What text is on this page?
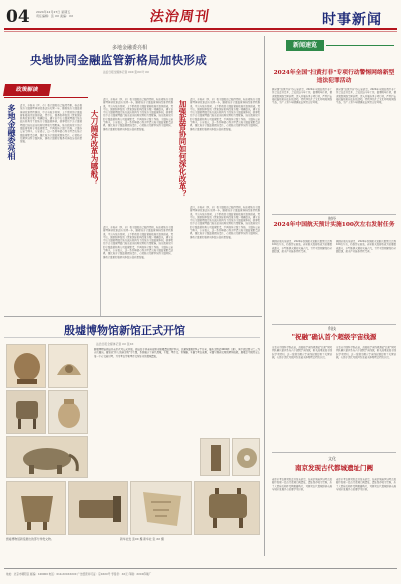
04 2024年12月27日 星期五
责任编辑：张 XX 美编：XX	法治周刊	时事新闻
多地金融委亮相
央地协同金融监管新格局加快形成
法治日报全媒体记者 XXX 张XX 叶 XX
政策解读
多地金融委亮相 近日，多地省（区、市）委金融委员会陆续亮相，标志着地方金融管理体制改革迈出关键一步。随着地方金融监管体制改革持续推进，中央与地方协同、上下联动的金融监管新格局正加快形成。党中央、国务院印发的《党和国家机构改革方案》明确提出，建立以中央金融管理部门地方派出机构为主的地方金融监管体制，统筹优化中央金融管理部门地方派出机构设置和力量配备。地方政府设立的金融监管机构专司监管职责，不再加挂金融工作局、金融办公室等牌子。专家表示，这一系列举措有利于厘清央地金融监管职责边界，强化地方金融监管属地责任，有效防范化解区域性金融风险，推动金融更好服务实体经济高质量发展。	大刀阔斧改革为哪般？
近日，多地省（区、市）委金融委员会陆续亮相，标志着地方金融管理体制改革迈出关键一步。随着地方金融监管体制改革持续推进，中央与地方协同、上下联动的金融监管新格局正加快形成。党中央、国务院印发的《党和国家机构改革方案》明确提出，建立以中央金融管理部门地方派出机构为主的地方金融监管体制，统筹优化中央金融管理部门地方派出机构设置和力量配备。地方政府设立的金融监管机构专司监管职责，不再加挂金融工作局、金融办公室等牌子。专家表示，这一系列举措有利于厘清央地金融监管职责边界，强化地方金融监管属地责任，有效防范化解区域性金融风险，推动金融更好服务实体经济高质量发展。
近日，多地省（区、市）委金融委员会陆续亮相，标志着地方金融管理体制改革迈出关键一步。随着地方金融监管体制改革持续推进，中央与地方协同、上下联动的金融监管新格局正加快形成。党中央、国务院印发的《党和国家机构改革方案》明确提出，建立以中央金融管理部门地方派出机构为主的地方金融监管体制，统筹优化中央金融管理部门地方派出机构设置和力量配备。地方政府设立的金融监管机构专司监管职责，不再加挂金融工作局、金融办公室等牌子。专家表示，这一系列举措有利于厘清央地金融监管职责边界，强化地方金融监管属地责任，有效防范化解区域性金融风险，推动金融更好服务实体经济高质量发展。
加强监管协同如何深化改革？
近日，多地省（区、市）委金融委员会陆续亮相，标志着地方金融管理体制改革迈出关键一步。随着地方金融监管体制改革持续推进，中央与地方协同、上下联动的金融监管新格局正加快形成。党中央、国务院印发的《党和国家机构改革方案》明确提出，建立以中央金融管理部门地方派出机构为主的地方金融监管体制，统筹优化中央金融管理部门地方派出机构设置和力量配备。地方政府设立的金融监管机构专司监管职责，不再加挂金融工作局、金融办公室等牌子。专家表示，这一系列举措有利于厘清央地金融监管职责边界，强化地方金融监管属地责任，有效防范化解区域性金融风险，推动金融更好服务实体经济高质量发展。
近日，多地省（区、市）委金融委员会陆续亮相，标志着地方金融管理体制改革迈出关键一步。随着地方金融监管体制改革持续推进，中央与地方协同、上下联动的金融监管新格局正加快形成。党中央、国务院印发的《党和国家机构改革方案》明确提出，建立以中央金融管理部门地方派出机构为主的地方金融监管体制，统筹优化中央金融管理部门地方派出机构设置和力量配备。地方政府设立的金融监管机构专司监管职责，不再加挂金融工作局、金融办公室等牌子。专家表示，这一系列举措有利于厘清央地金融监管职责边界，强化地方金融监管属地责任，有效防范化解区域性金融风险，推动金融更好服务实体经济高质量发展。
新闻速览

2024年全国"扫黄打非"专项行动警惕网络新型违法犯罪活动
据全国"扫黄打非"办公室消息，2024年全国扫黄打非工作会议近日召开，会议总结今年工作，部署明年任务，要求聚焦网络空间治理，深入开展各类专项行动，严厉打击侵权盗版和非法出版活动，持续净化社会文化环境和网络生态，为广大青少年健康成长营造良好环境。
据全国"扫黄打非"办公室消息，2024年全国扫黄打非工作会议近日召开，会议总结今年工作，部署明年任务，要求聚焦网络空间治理，深入开展各类专项行动，严厉打击侵权盗版和非法出版活动，持续净化社会文化环境和网络生态，为广大青少年健康成长营造良好环境。
财经
2024年中国航天预计实施100次左右发射任务
据国家航天局消息，2024年我国航天发射次数预计达到100次左右，将创历史新高。商业航天发射将成为重要组成部分，多型新研火箭将实施首飞，卫星互联网建设将全面提速，航天产业链条持续完善。
据国家航天局消息，2024年我国航天发射次数预计达到100次左右，将创历史新高。商业航天发射将成为重要组成部分，多型新研火箭将实施首飞，卫星互联网建设将全面提速，航天产业链条持续完善。
科技
"祝融"确认首个超级宇宙线源
记者从中国科学院获悉，高海拔宇宙线观测站"拉索"研究团队确认银河系内首个超级宇宙线源，相关成果发表于国际学术期刊。这一发现为揭示宇宙线起源提供了关键证据，有助于深化对银河系高能天体物理过程的认识。
记者从中国科学院获悉，高海拔宇宙线观测站"拉索"研究团队确认银河系内首个超级宇宙线源，相关成果发表于国际学术期刊。这一发现为揭示宇宙线起源提供了关键证据，有助于深化对银河系高能天体物理过程的认识。
文化
南京发现古代都城遗址门阙
南京市考古研究院近日发布消息，在南京城南区域考古发掘中发现一处古代都城门阙遗址，遗址保存较为完整，出土大量砖瓦构件及陶瓷器残片，对研究古代都城形制布局与城市发展具有重要学术价值。
南京市考古研究院近日发布消息，在南京城南区域考古发掘中发现一处古代都城门阙遗址，遗址保存较为完整，出土大量砖瓦构件及陶瓷器残片，对研究古代都城形制布局与城市发展具有重要学术价值。
殷墟博物馆新馆正式开馆
法治日报全媒体记者 XX 张XX
殷墟博物馆新馆日前正式对公众开放。新馆位于河南省安阳市殷墟遗址保护区内，总建筑面积约5万平方米，展出文物近4000件（套），其中超过四分之三为首次展出。展览以"伟大的商文明"为主题，系统展示了商代都城、王陵、甲骨文、青铜器、玉器等考古成果，全面呈现商文明的辉煌成就。殷墟是中国历史上第一个有文献可考、并为考古学和甲骨文所证实的都城遗址。
殷墟博物馆新馆展出的部分珍贵文物。	新华社发 张XX 摄 新华社 张 XX 摄
地址：北京市朝阳区 邮编：100000 电话：010-XXXXXXXX 广告经营许可证：京XXXX号 零售价：XX元 印刷：XXXX印刷厂
